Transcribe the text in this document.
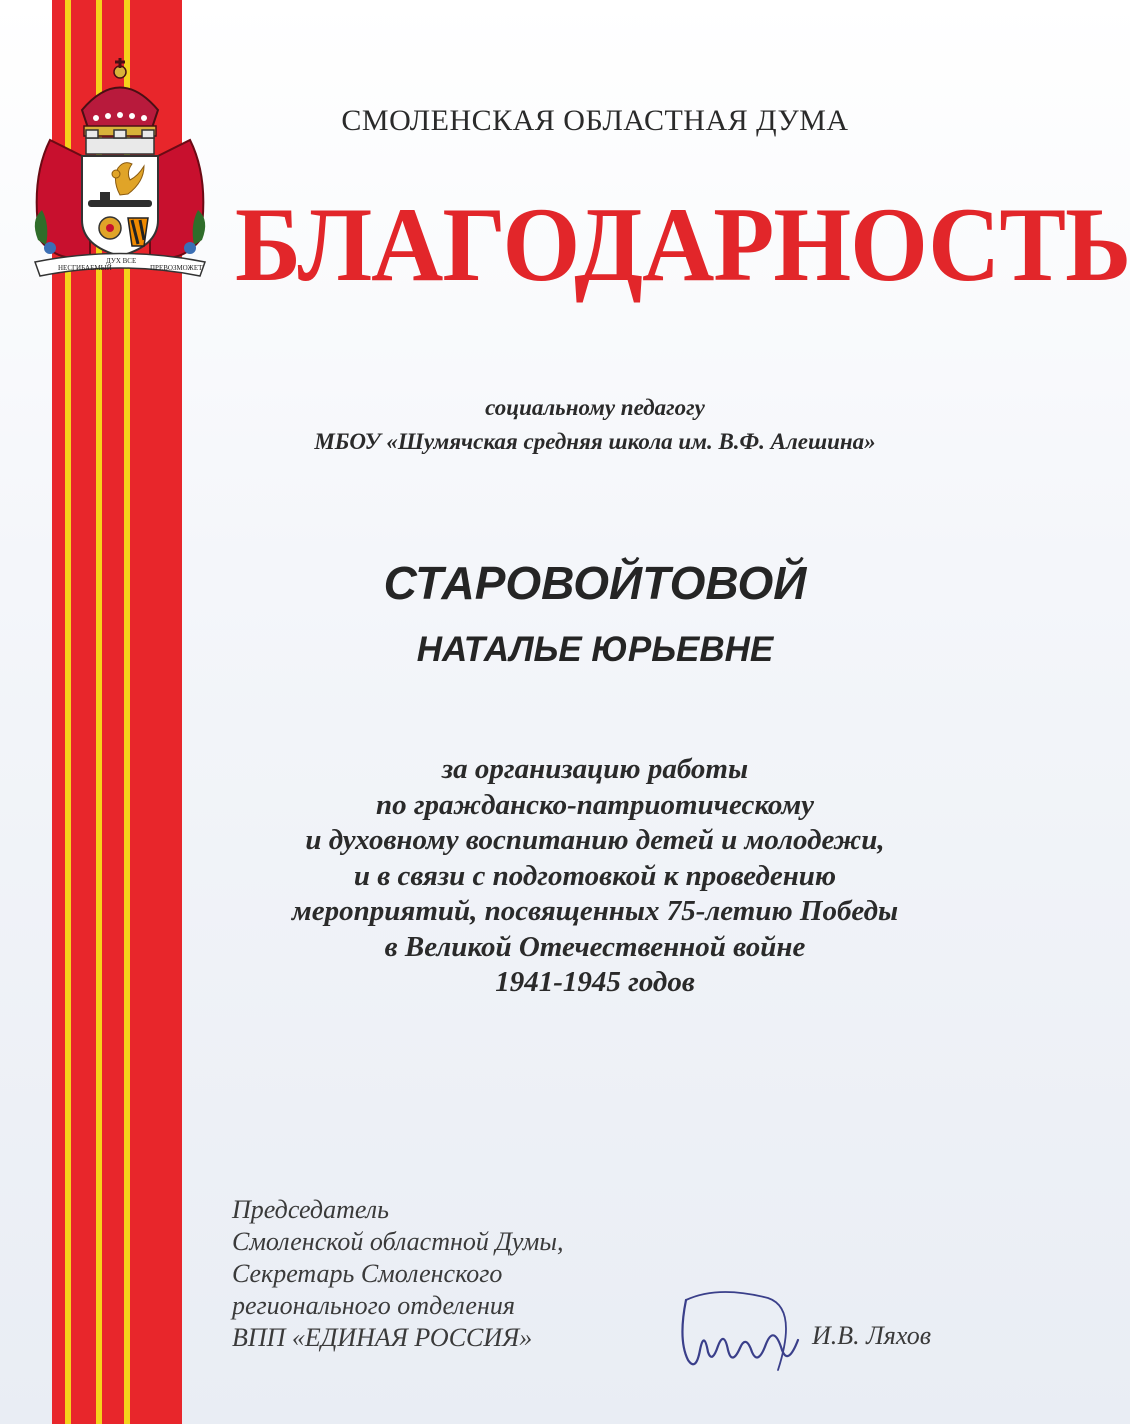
НЕСГИБАЕМЫЙ
ДУХ ВСЕ
ПРЕВОЗМОЖЕТ
СМОЛЕНСКАЯ ОБЛАСТНАЯ ДУМА
БЛАГОДАРНОСТЬ
социальному педагогу
МБОУ «Шумячская средняя школа им. В.Ф. Алешина»
СТАРОВОЙТОВОЙ
НАТАЛЬЕ ЮРЬЕВНЕ
за организацию работы
по гражданско-патриотическому
и духовному воспитанию детей и молодежи,
и в связи с подготовкой к проведению
мероприятий, посвященных 75-летию Победы
в Великой Отечественной войне
1941-1945 годов
Председатель
Смоленской областной Думы,
Секретарь Смоленского
регионального отделения
ВПП «ЕДИНАЯ РОССИЯ»	И.В. Ляхов
